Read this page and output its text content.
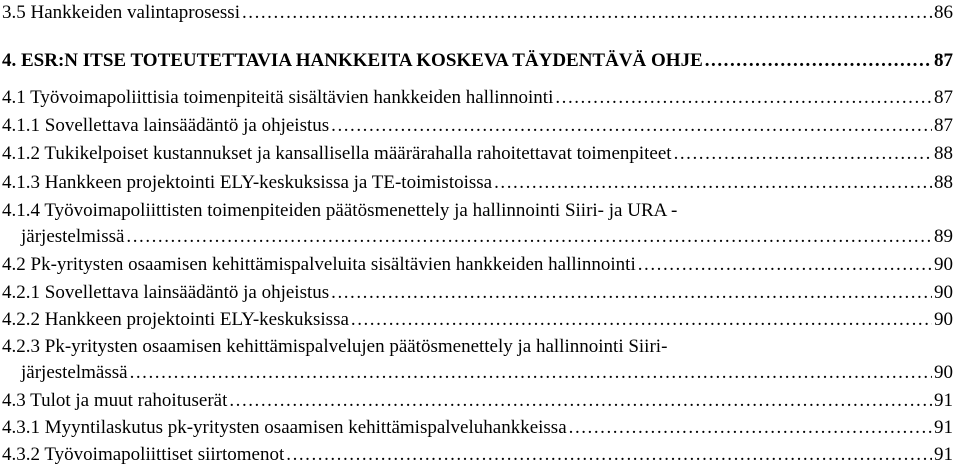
3.5 Hankkeiden valintaprosessi . . .	86
4. ESR:N ITSE TOTEUTETTAVIA HANKKEITA KOSKEVA TÄYDENTÄVÄ OHJE . . .	87
4.1 Työvoimapoliittisia toimenpiteitä sisältävien hankkeiden hallinnointi . . .	87
4.1.1 Sovellettava lainsäädäntö ja ohjeistus . . .	87
4.1.2 Tukikelpoiset kustannukset ja kansallisella määrärahalla rahoitettavat toimenpiteet . . .	88
4.1.3 Hankkeen projektointi ELY-keskuksissa ja TE-toimistoissa . . .	88
4.1.4 Työvoimapoliittisten toimenpiteiden päätösmenettely ja hallinnointi Siiri- ja URA -
järjestelmissä . . .	89
4.2 Pk-yritysten osaamisen kehittämispalveluita sisältävien hankkeiden hallinnointi . . .	90
4.2.1 Sovellettava lainsäädäntö ja ohjeistus . . .	90
4.2.2 Hankkeen projektointi ELY-keskuksissa . . .	90
4.2.3 Pk-yritysten osaamisen kehittämispalvelujen päätösmenettely ja hallinnointi Siiri-
järjestelmässä . . .	90
4.3 Tulot ja muut rahoituserät . . .	91
4.3.1 Myyntilaskutus pk-yritysten osaamisen kehittämispalveluhankkeissa . . .	91
4.3.2 Työvoimapoliittiset siirtomenot . . .	91
